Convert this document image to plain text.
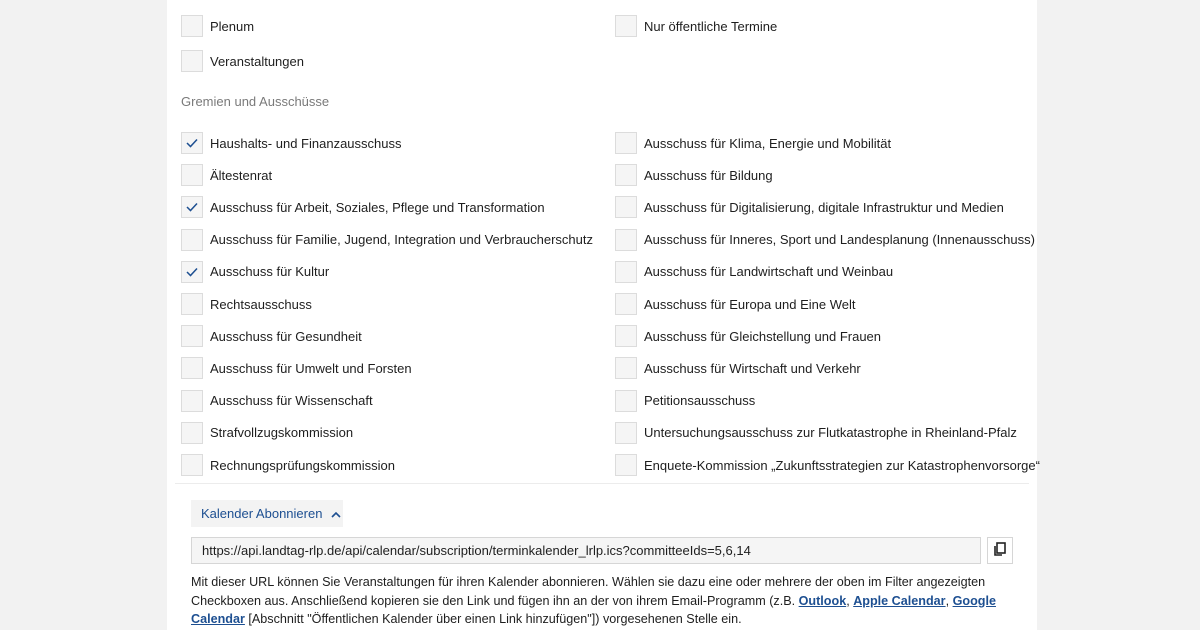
Plenum
Veranstaltungen
Nur öffentliche Termine
Haushalts- und Finanzausschuss
Ältestenrat
Ausschuss für Arbeit, Soziales, Pflege und Transformation
Ausschuss für Familie, Jugend, Integration und Verbraucherschutz
Ausschuss für Kultur
Rechtsausschuss
Ausschuss für Gesundheit
Ausschuss für Umwelt und Forsten
Ausschuss für Wissenschaft
Strafvollzugskommission
Rechnungsprüfungskommission
Ausschuss für Klima, Energie und Mobilität
Ausschuss für Bildung
Ausschuss für Digitalisierung, digitale Infrastruktur und Medien
Ausschuss für Inneres, Sport und Landesplanung (Innenausschuss)
Ausschuss für Landwirtschaft und Weinbau
Ausschuss für Europa und Eine Welt
Ausschuss für Gleichstellung und Frauen
Ausschuss für Wirtschaft und Verkehr
Petitionsausschuss
Untersuchungsausschuss zur Flutkatastrophe in Rheinland-Pfalz
Enquete-Kommission „Zukunftsstrategien zur Katastrophenvorsorge“
Gremien und Ausschüsse
Kalender Abonnieren
https://api.landtag-rlp.de/api/calendar/subscription/terminkalender_lrlp.ics?committeeIds=5,6,14
Mit dieser URL können Sie Veranstaltungen für ihren Kalender abonnieren. Wählen sie dazu eine oder mehrere der oben im Filter angezeigten Checkboxen aus. Anschließend kopieren sie den Link und fügen ihn an der von ihrem Email-Programm (z.B. Outlook, Apple Calendar, Google Calendar [Abschnitt "Öffentlichen Kalender über einen Link hinzufügen"]) vorgesehenen Stelle ein.
